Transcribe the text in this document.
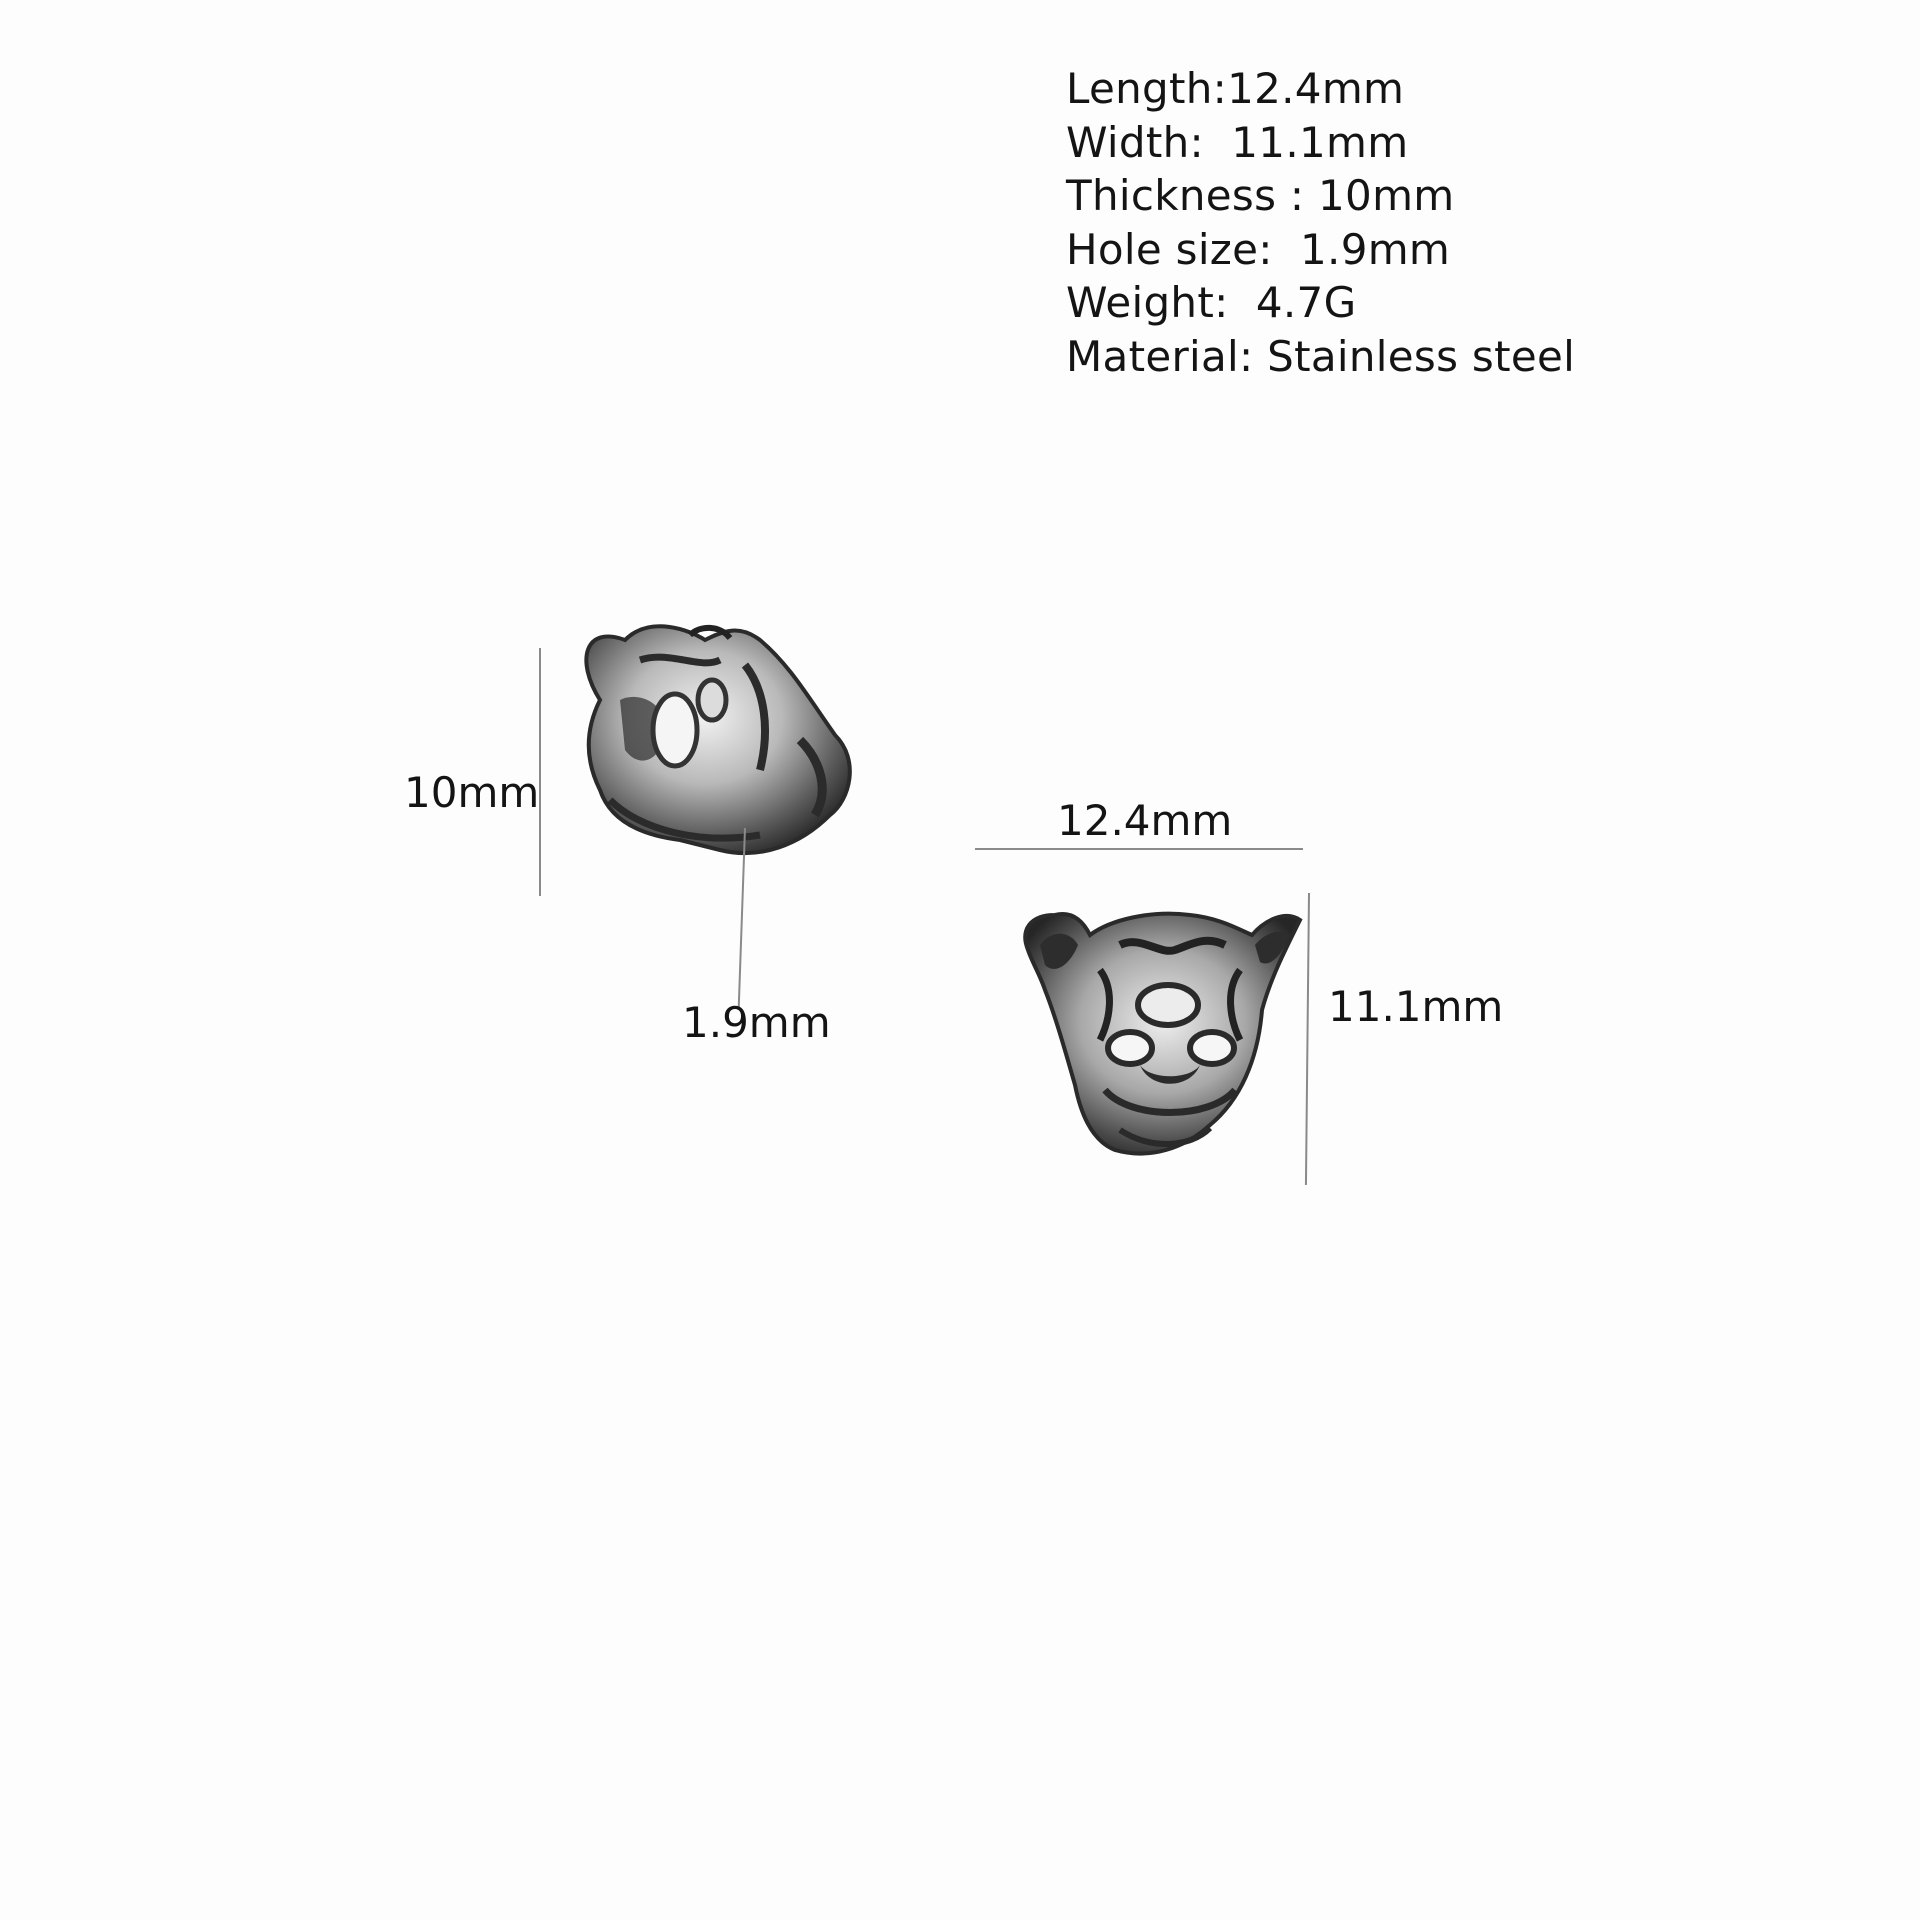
Length:12.4mm
Width:  11.1mm
Thickness : 10mm
Hole size:  1.9mm
Weight:  4.7G
Material: Stainless steel
10mm
1.9mm
12.4mm
11.1mm
